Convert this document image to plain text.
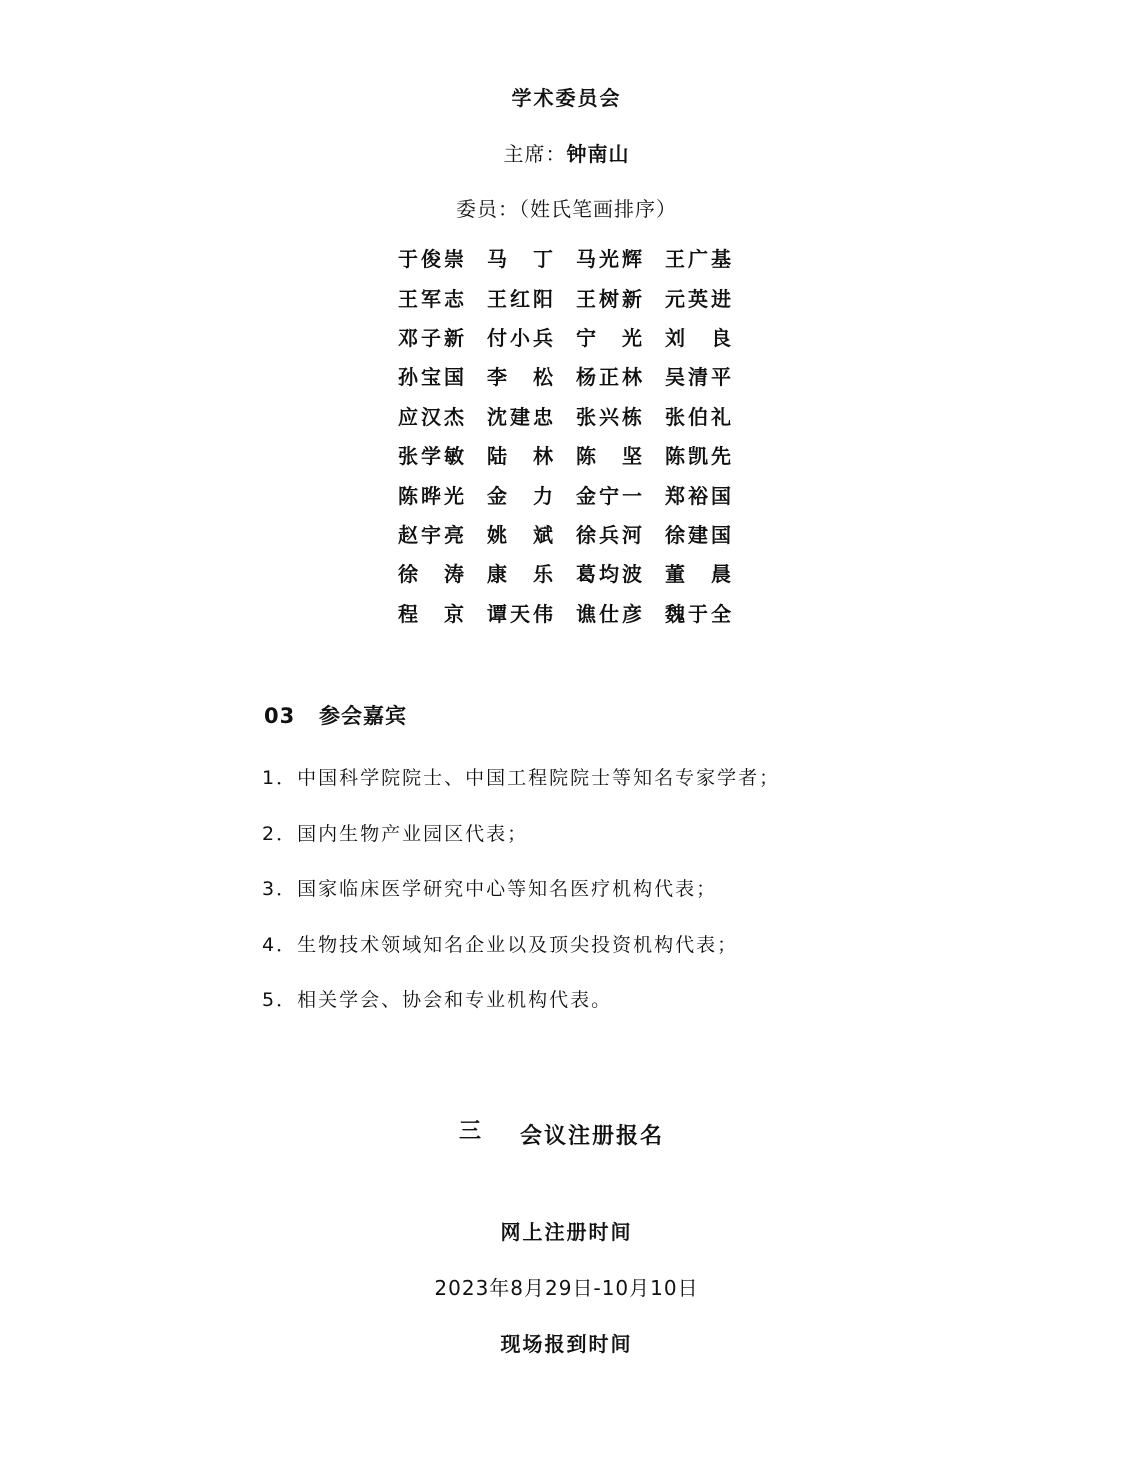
学术委员会
主席：钟南山
委员：（姓氏笔画排序）
于 俊 崇 马 丁 马 光 辉 王 广 基
王 军 志 王 红 阳 王 树 新 元 英 进
邓 子 新 付 小 兵 宁 光 刘 良
孙 宝 国 李 松 杨 正 林 吴 清 平
应 汉 杰 沈 建 忠 张 兴 栋 张 伯 礼
张 学 敏 陆 林 陈 坚 陈 凯 先
陈 晔 光 金 力 金 宁 一 郑 裕 国
赵 宇 亮 姚 斌 徐 兵 河 徐 建 国
徐 涛 康 乐 葛 均 波 董 晨
程 京 谭 天 伟 谯 仕 彦 魏 于 全
03 参会嘉宾
1．中国科学院院士、中国工程院院士等知名专家学者；
2．国内生物产业园区代表；
3．国家临床医学研究中心等知名医疗机构代表；
4．生物技术领域知名企业以及顶尖投资机构代表；
5．相关学会、协会和专业机构代表。
三 会议注册报名
网上注册时间
2023年8月29日-10月10日
现场报到时间
